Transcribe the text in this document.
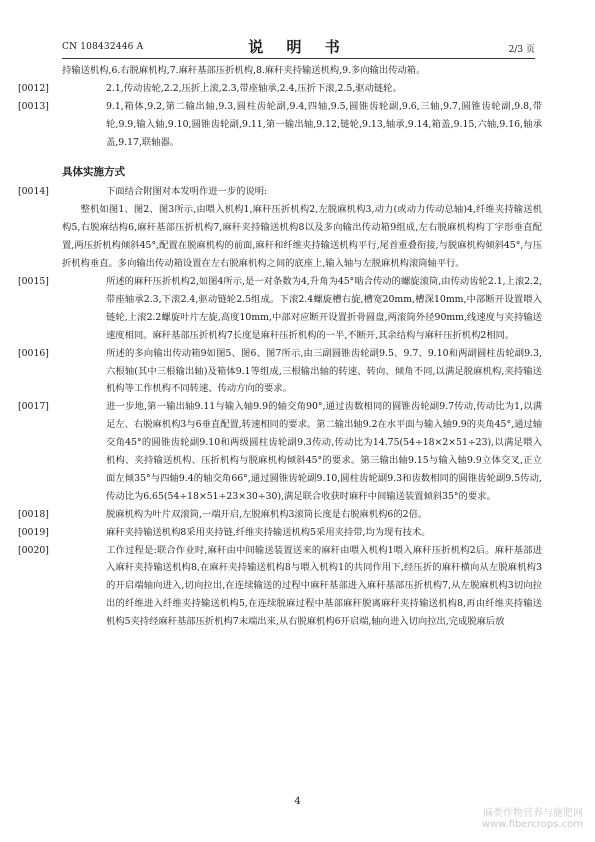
CN 108432446 A	说 明 书	2/3 页

持输送机构,6.右脱麻机构,7.麻秆基部压折机构,8.麻秆夹持输送机构,9.多向输出传动箱。

[0012]	2.1,传动齿轮,2.2,压折上滚,2.3,带座轴承,2.4,压折下滚,2.5,驱动链轮。

[0013]	9.1,箱体,9.2,第二输出轴,9.3,圆柱齿轮副,9.4,四轴,9.5,圆锥齿轮副,9.6,三轴,9.7,圆锥齿轮副,9.8,带轮,9.9,输入轴,9.10,圆锥齿轮副,9.11,第一输出轴,9.12,链轮,9.13,轴承,9.14,箱盖,9.15,六轴,9.16,轴承盖,9.17,联轴器。

具体实施方式

[0014]	下面结合附图对本发明作进一步的说明:

整机如图1、图2、图3所示,由喂入机构1,麻秆压折机构2,左脱麻机构3,动力(或动力传动总轴)4,纤维夹持输送机构5,右脱麻结构6,麻秆基部压折机构7,麻秆夹持输送机构8以及多向输出传动箱9组成,左右脱麻机构构丁字形垂直配置,两压折机构倾斜45°,配置在脱麻机构的前面,麻秆和纤维夹持输送机构平行,尾首重叠衔接,与脱麻机构倾斜45°,与压折机构垂直。多向输出传动箱设置在左右脱麻机构之间的底座上,输入轴与左脱麻机构滚筒轴平行。

[0015]	所述的麻秆压折机构2,如图4所示,是一对条数为4,升角为45°啮合传动的螺旋滚筒,由传动齿轮2.1,上滚2.2,带座轴承2.3,下滚2.4,驱动链轮2.5组成。下滚2.4螺旋槽右旋,槽宽20mm,槽深10mm,中部断开设置喂入链轮,上滚2.2螺旋叶片左旋,高度10mm,中部对应断开设置折骨圆盘,两滚筒外径90mm,线速度与夹持输送速度相同。麻秆基部压折机构7长度是麻秆压折机构的一半,不断开,其余结构与麻秆压折机构2相同。

[0016]	所述的多向输出传动箱9如图5、图6、图7所示,由三副圆锥齿轮副9.5、9.7、9.10和两副圆柱齿轮副9.3,六根轴(其中三根输出轴)及箱体9.1等组成,三根输出轴的转速、转向、倾角不同,以满足脱麻机构,夹持输送机构等工作机构不同转速、传动方向的要求。

[0017]	进一步地,第一输出轴9.11与输入轴9.9的轴交角90°,通过齿数相同的圆锥齿轮副9.7传动,传动比为1,以满足左、右脱麻机构3与6垂直配置,转速相同的要求。第二输出轴9.2在水平面与输入轴9.9的夹角45°,通过轴交角45°的圆锥齿轮副9.10和两级圆柱齿轮副9.3传动,传动比为14.75(54÷18×2×51÷23),以满足喂入机构、夹持输送机构、压折机构与脱麻机构倾斜45°的要求。第三输出轴9.15与输入轴9.9立体交叉,正立面左倾35°与四轴9.4的轴交角66°,通过圆锥齿轮副9.10,圆柱齿轮副9.3和齿数相同的圆锥齿轮副9.5传动,传动比为6.65(54÷18×51÷23×30÷30),满足联合收获时麻秆中间输送装置倾斜35°的要求。

[0018]	脱麻机构为叶片双滚筒,一端开启,左脱麻机构3滚筒长度是右脱麻机构6的2倍。

[0019]	麻秆夹持输送机构8采用夹持链,纤维夹持输送机构5采用夹持带,均为现有技术。

[0020]	工作过程是:联合作业时,麻秆由中间输送装置送来的麻秆由喂入机构1喂入麻秆压折机构2后。麻秆基部进入麻秆夹持输送机构8,在麻秆夹持输送机构8与喂入机构1的共同作用下,经压折的麻秆横向从左脱麻机构3的开启端轴向进入,切向拉出,在连续输送的过程中麻秆基部进入麻秆基部压折机构7,从左脱麻机构3切向拉出的纤维进入纤维夹持输送机构5,在连续脱麻过程中基部麻秆脱离麻秆夹持输送机构8,再由纤维夹持输送机构5夹持经麻秆基部压折机构7末端出来,从右脱麻机构6开启端,轴向进入切向拉出,完成脱麻后放

4
麻类作物营养与施肥网
www.fibercrops.com
